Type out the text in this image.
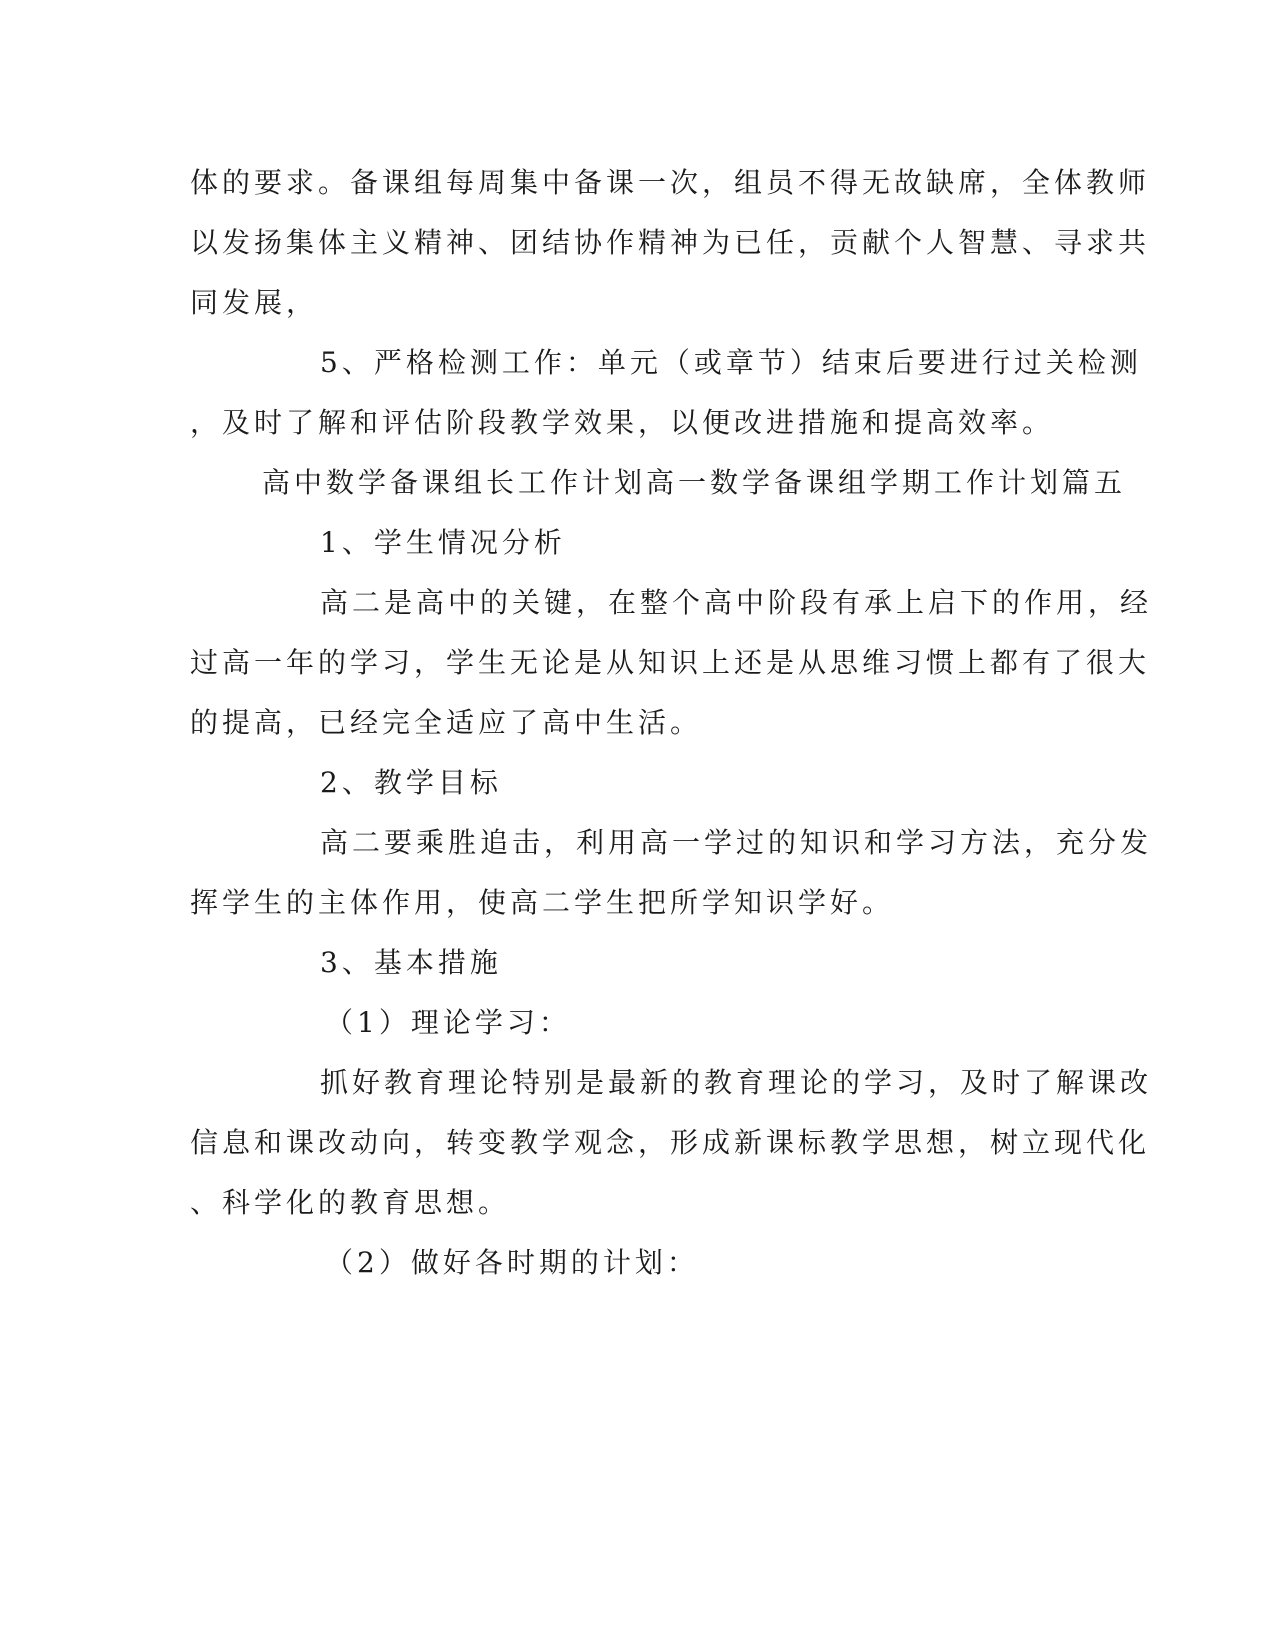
体的要求。备课组每周集中备课一次，组员不得无故缺席，全体教师
以发扬集体主义精神、团结协作精神为已任，贡献个人智慧、寻求共
同发展，
5、严格检测工作：单元（或章节）结束后要进行过关检测
，及时了解和评估阶段教学效果，以便改进措施和提高效率。
高中数学备课组长工作计划高一数学备课组学期工作计划篇五
1、学生情况分析
高二是高中的关键，在整个高中阶段有承上启下的作用，经
过高一年的学习，学生无论是从知识上还是从思维习惯上都有了很大
的提高，已经完全适应了高中生活。
2、教学目标
高二要乘胜追击，利用高一学过的知识和学习方法，充分发
挥学生的主体作用，使高二学生把所学知识学好。
3、基本措施
（1）理论学习：
抓好教育理论特别是最新的教育理论的学习，及时了解课改
信息和课改动向，转变教学观念，形成新课标教学思想，树立现代化
、科学化的教育思想。
（2）做好各时期的计划：
